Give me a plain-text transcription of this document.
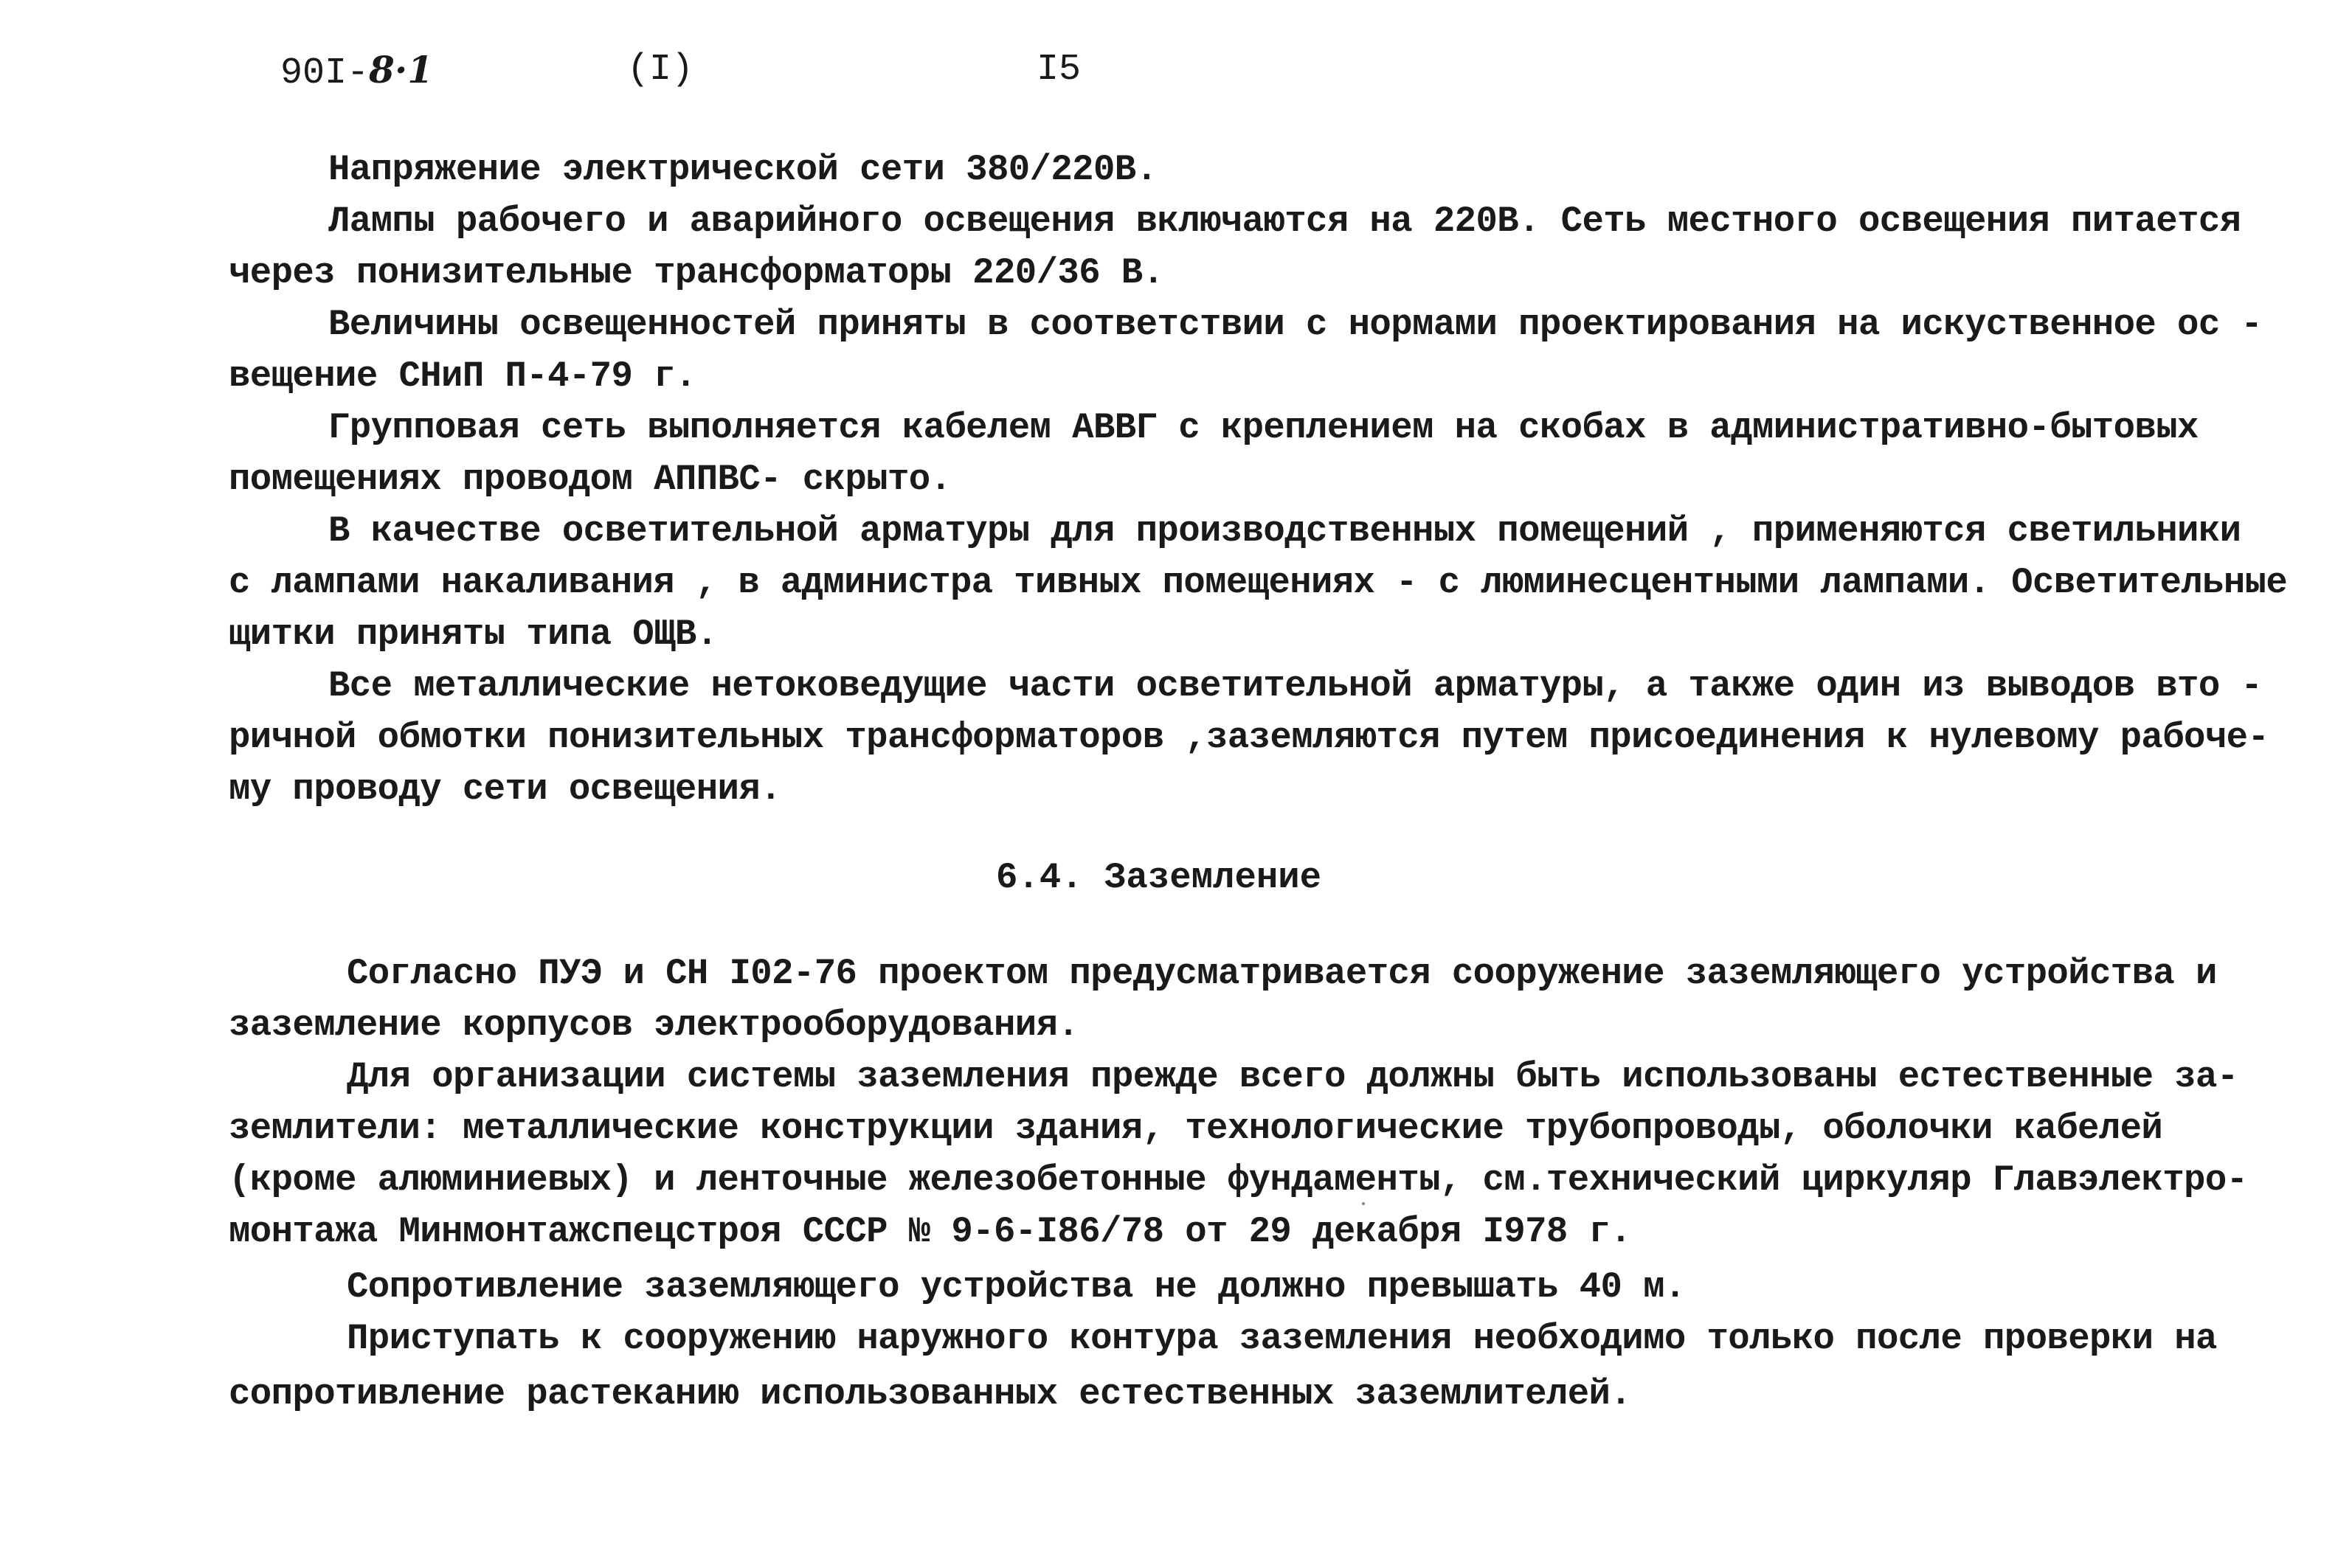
90I-8·1	(I)	I5
Напряжение электрической сети 380/220В.
Лампы рабочего и аварийного освещения включаются на 220В. Сеть местного освещения питается
через понизительные трансформаторы 220/36 В.
Величины освещенностей приняты в соответствии с нормами проектирования на искуственное ос -
вещение СНиП П-4-79 г.
Групповая сеть выполняется кабелем АВВГ с креплением на скобах в административно-бытовых
помещениях проводом АППВС- скрыто.
В качестве осветительной арматуры для производственных помещений , применяются светильники
с лампами накаливания , в администра тивных помещениях - с люминесцентными лампами. Осветительные
щитки приняты типа ОЩВ.
Все металлические нетоковедущие части осветительной арматуры, а также один из выводов вто -
ричной обмотки понизительных трансформаторов ,заземляются путем присоединения к нулевому рабоче-
му проводу сети освещения.
6.4. Заземление
Согласно ПУЭ и СН I02-76 проектом предусматривается сооружение заземляющего устройства и
заземление корпусов электрооборудования.
Для организации системы заземления прежде всего должны быть использованы естественные за-
землители: металлические конструкции здания, технологические трубопроводы, оболочки кабелей
(кроме алюминиевых) и ленточные железобетонные фундаменты, см.технический циркуляр Главэлектро-
монтажа Минмонтажспецстроя СССР № 9-6-I86/78 от 29 декабря I978 г.
Сопротивление заземляющего устройства не должно превышать 40 м.
Приступать к сооружению наружного контура заземления необходимо только после проверки на
сопротивление растеканию использованных естественных заземлителей.
